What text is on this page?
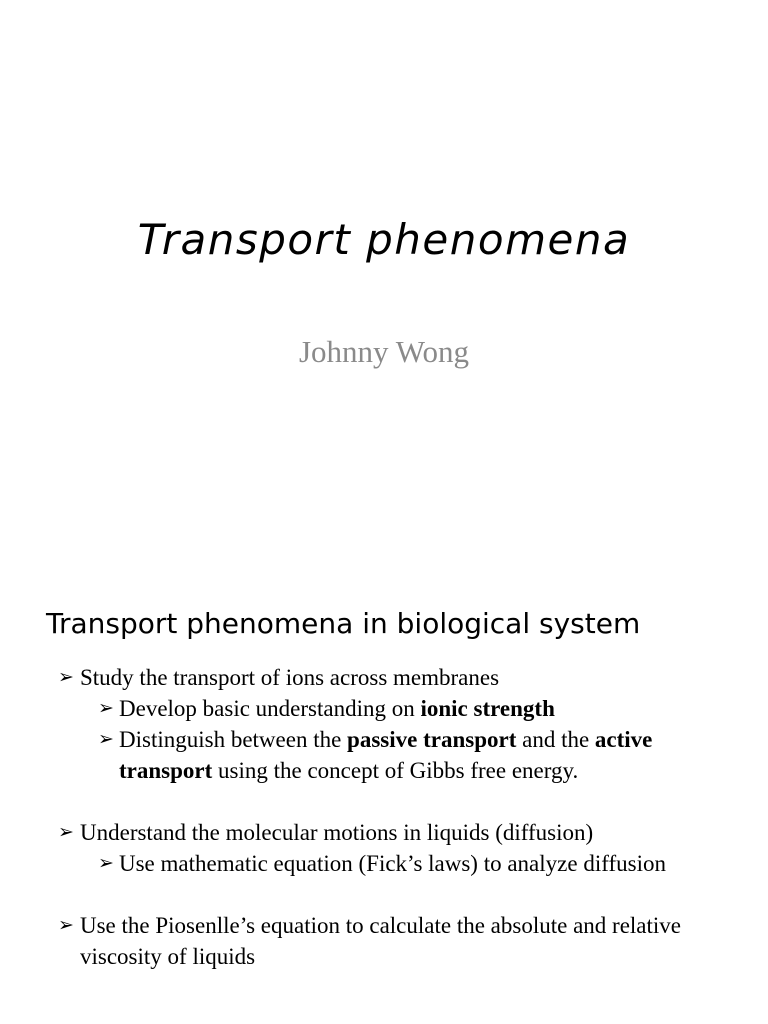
Transport phenomena
Johnny Wong
Transport phenomena in biological system

➢ Study the transport of ions across membranes

➢ Develop basic understanding on ionic strength

➢ Distinguish between the passive transport and the active transport using the concept of Gibbs free energy.

➢ Understand the molecular motions in liquids (diffusion)

➢ Use mathematic equation (Fick’s laws) to analyze diffusion

➢ Use the Piosenlle’s equation to calculate the absolute and relative viscosity of liquids
